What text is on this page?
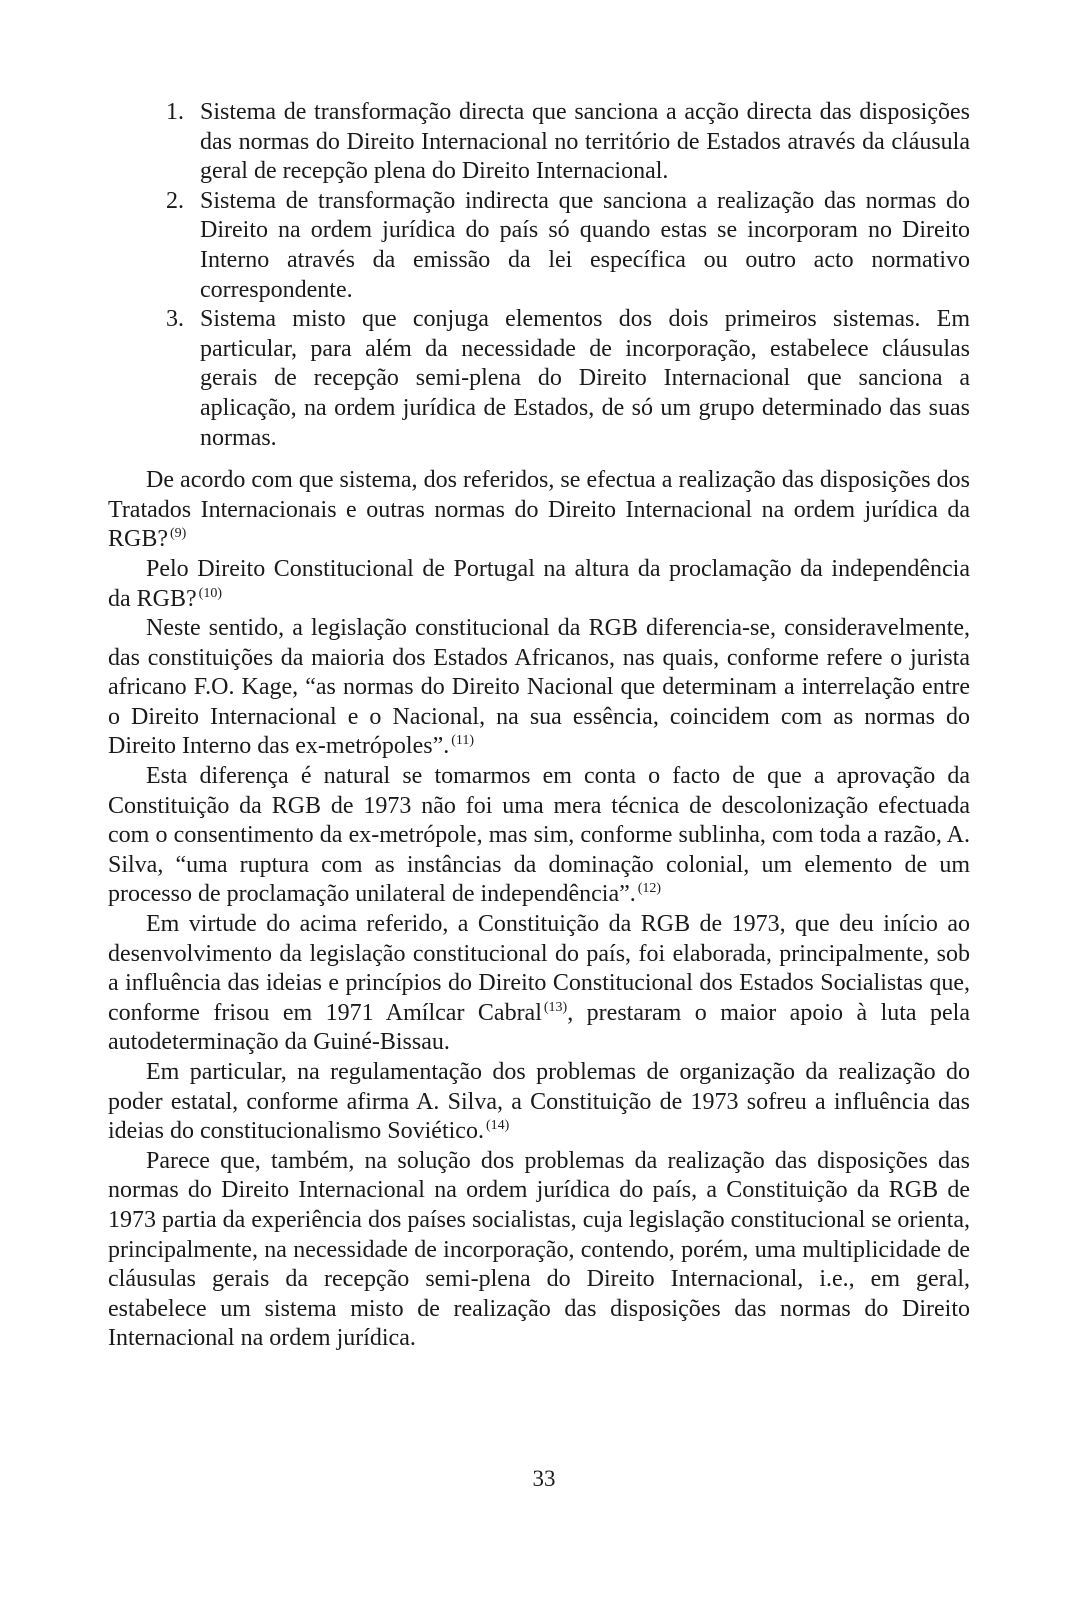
1. Sistema de transformação directa que sanciona a acção directa das disposições das normas do Direito Internacional no território de Estados através da cláusula geral de recepção plena do Direito Internacional.
2. Sistema de transformação indirecta que sanciona a realização das normas do Direito na ordem jurídica do país só quando estas se incorporam no Direito Interno através da emissão da lei específica ou outro acto normativo correspondente.
3. Sistema misto que conjuga elementos dos dois primeiros sistemas. Em particular, para além da necessidade de incorporação, estabelece cláusulas gerais de recepção semi-plena do Direito Internacional que sanciona a aplicação, na ordem jurídica de Estados, de só um grupo determinado das suas normas.

De acordo com que sistema, dos referidos, se efectua a realização das disposições dos Tratados Internacionais e outras normas do Direito Internacional na ordem jurídica da RGB? $^{(9)}$

Pelo Direito Constitucional de Portugal na altura da proclamação da independência da RGB? $^{(10)}$

Neste sentido, a legislação constitucional da RGB diferencia-se, consideravelmente, das constituições da maioria dos Estados Africanos, nas quais, conforme refere o jurista africano F.O. Kage, “as normas do Direito Nacional que determinam a interrelação entre o Direito Internacional e o Nacional, na sua essência, coincidem com as normas do Direito Interno das ex-metrópoles”. $^{(11)}$

Esta diferença é natural se tomarmos em conta o facto de que a aprovação da Constituição da RGB de 1973 não foi uma mera técnica de descolonização efectuada com o consentimento da ex-metrópole, mas sim, conforme sublinha, com toda a razão, A. Silva, “uma ruptura com as instâncias da dominação colonial, um elemento de um processo de proclamação unilateral de independência”. $^{(12)}$

Em virtude do acima referido, a Constituição da RGB de 1973, que deu início ao desenvolvimento da legislação constitucional do país, foi elaborada, principalmente, sob a influência das ideias e princípios do Direito Constitucional dos Estados Socialistas que, conforme frisou em 1971 Amílcar Cabral $^{(13)}$, prestaram o maior apoio à luta pela autodeterminação da Guiné-Bissau.

Em particular, na regulamentação dos problemas de organização da realização do poder estatal, conforme afirma A. Silva, a Constituição de 1973 sofreu a influência das ideias do constitucionalismo Soviético. $^{(14)}$

Parece que, também, na solução dos problemas da realização das disposições das normas do Direito Internacional na ordem jurídica do país, a Constituição da RGB de 1973 partia da experiência dos países socialistas, cuja legislação constitucional se orienta, principalmente, na necessidade de incorporação, contendo, porém, uma multiplicidade de cláusulas gerais da recepção semi-plena do Direito Internacional, i.e., em geral, estabelece um sistema misto de realização das disposições das normas do Direito Internacional na ordem jurídica.

33
